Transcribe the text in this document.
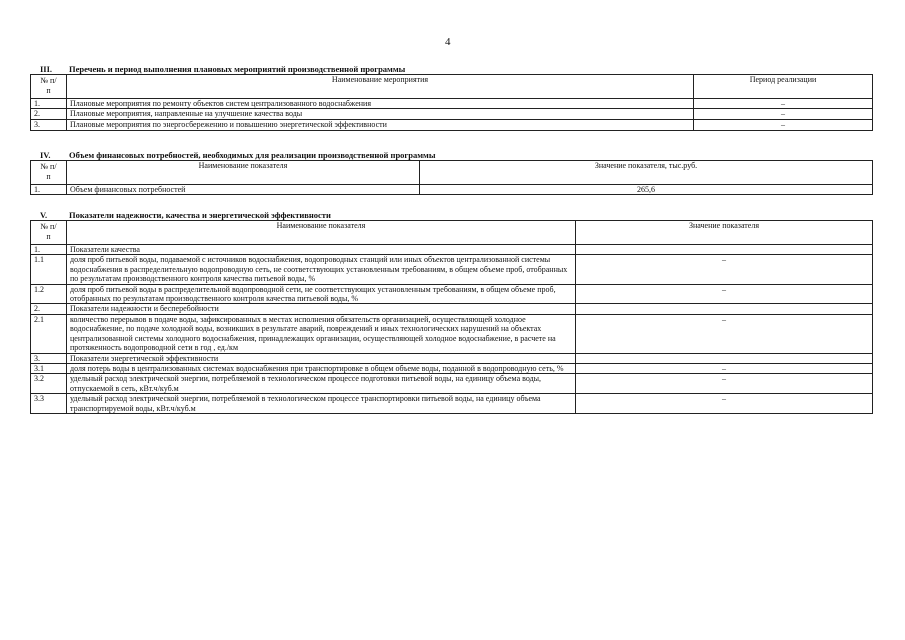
4
III. Перечень и период выполнения плановых мероприятий производственной программы
№ п/п	Наименование мероприятия	Период реализации
1.	Плановые мероприятия по ремонту объектов систем централизованного водоснабжения	–
2.	Плановые мероприятия, направленные на улучшение качества воды	–
3.	Плановые мероприятия по энергосбережению и повышению энергетической эффективности	–
IV. Объем финансовых потребностей, необходимых для реализации производственной программы
№ п/п	Наименование показателя	Значение показателя, тыс.руб.
1.	Объем финансовых потребностей	265,6
V.	Показатели надежности, качества и энергетической эффективности
№ п/п	Наименование показателя	Значение показателя
1.	Показатели качества	
1.1	доля проб питьевой воды, подаваемой с источников водоснабжения, водопроводных станций или иных объектов централизованной системы водоснабжения в распределительную водопроводную сеть, не соответствующих установленным требованиям, в общем объеме проб, отобранных по результатам производственного контроля качества питьевой воды, %	–
1.2	доля проб питьевой воды в распределительной водопроводной сети, не соответствующих установленным требованиям, в общем объеме проб, отобранных по результатам производственного контроля качества питьевой воды, %	–
2.	Показатели надежности и бесперебойности	
2.1	количество перерывов в подаче воды, зафиксированных в местах исполнения обязательств организацией, осуществляющей холодное водоснабжение, по подаче холодной воды, возникших в результате аварий, повреждений и иных технологических нарушений на объектах централизованной системы холодного водоснабжения, принадлежащих организации, осуществляющей холодное водоснабжение, в расчете на протяженность водопроводной сети в год , ед./км	–
3.	Показатели энергетической эффективности	
3.1	доля потерь воды в централизованных системах водоснабжения при транспортировке в общем объеме воды, поданной в водопроводную сеть, %	–
3.2	удельный расход электрической энергии, потребляемой в технологическом процессе подготовки питьевой воды, на единицу объема воды, отпускаемой в сеть, кВт.ч/куб.м	–
3.3	удельный расход электрической энергии, потребляемой в технологическом процессе транспортировки питьевой воды, на единицу объема транспортируемой воды, кВт.ч/куб.м	–
